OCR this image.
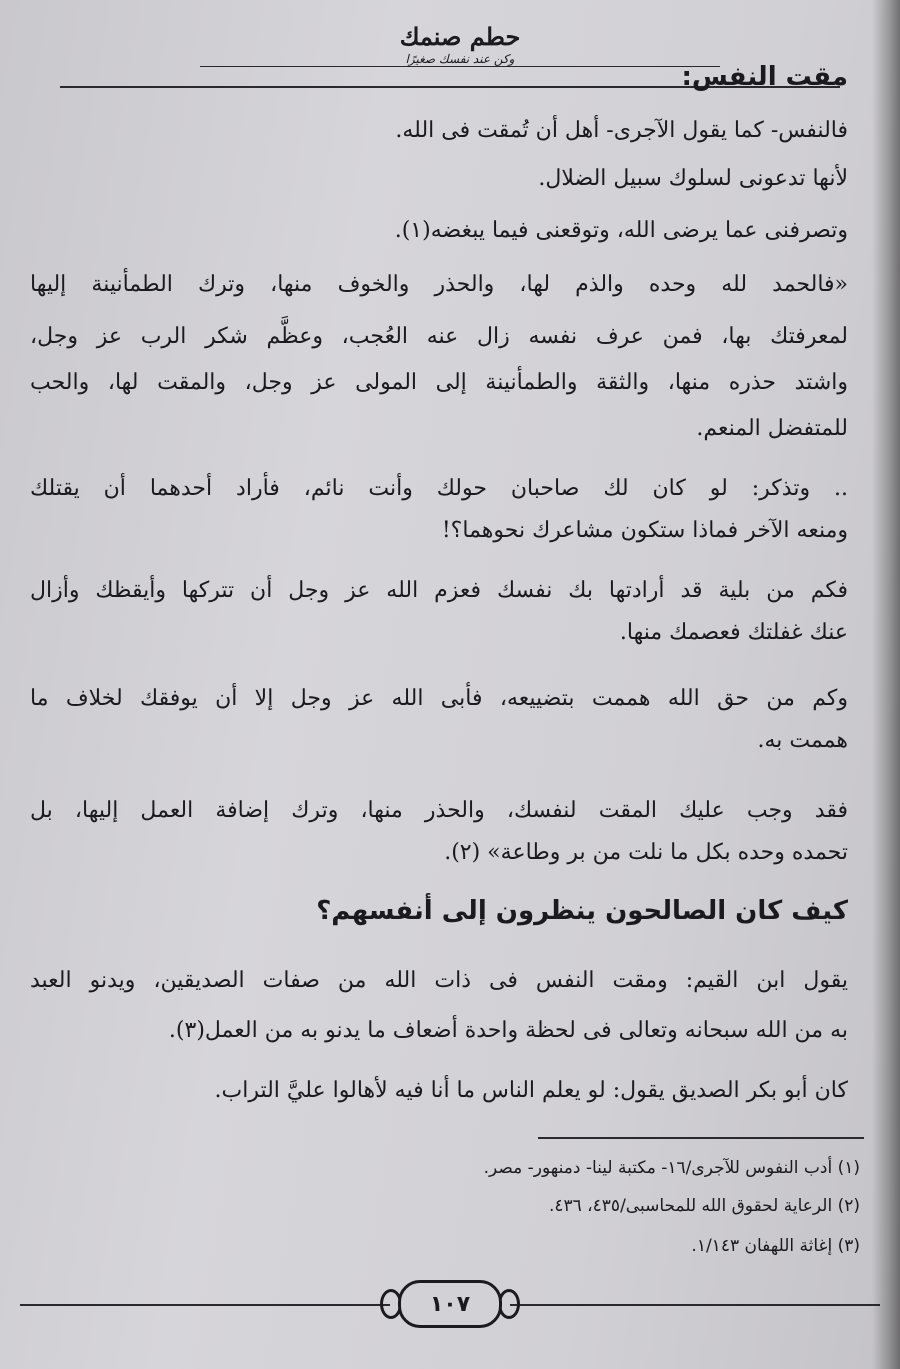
حطم صنمك
وكن عند نفسك صغيرًا
مقت النفس:
فالنفس- كما يقول الآجرى- أهل أن تُمقت فى الله.
لأنها تدعونى لسلوك سبيل الضلال.
وتصرفنى عما يرضى الله، وتوقعنى فيما يبغضه(١).
«فالحمد لله وحده والذم لها، والحذر والخوف منها، وترك الطمأنينة إليها
لمعرفتك بها، فمن عرف نفسه زال عنه العُجب، وعظَّم شكر الرب عز وجل،
واشتد حذره منها، والثقة والطمأنينة إلى المولى عز وجل، والمقت لها، والحب
للمتفضل المنعم.
.. وتذكر: لو كان لك صاحبان حولك وأنت نائم، فأراد أحدهما أن يقتلك
ومنعه الآخر فماذا ستكون مشاعرك نحوهما؟!
فكم من بلية قد أرادتها بك نفسك فعزم الله عز وجل أن تتركها وأيقظك وأزال
عنك غفلتك فعصمك منها.
وكم من حق الله هممت بتضييعه، فأبى الله عز وجل إلا أن يوفقك لخلاف ما
هممت به.
فقد وجب عليك المقت لنفسك، والحذر منها، وترك إضافة العمل إليها، بل
تحمده وحده بكل ما نلت من بر وطاعة» (٢).
كيف كان الصالحون ينظرون إلى أنفسهم؟
يقول ابن القيم: ومقت النفس فى ذات الله من صفات الصديقين، ويدنو العبد
به من الله سبحانه وتعالى فى لحظة واحدة أضعاف ما يدنو به من العمل(٣).
كان أبو بكر الصديق يقول: لو يعلم الناس ما أنا فيه لأهالوا عليَّ التراب.
(١) أدب النفوس للآجرى/١٦- مكتبة لينا- دمنهور- مصر.
(٢) الرعاية لحقوق الله للمحاسبى/٤٣٥، ٤٣٦.
(٣) إغاثة اللهفان ١/١٤٣.
١٠٧
